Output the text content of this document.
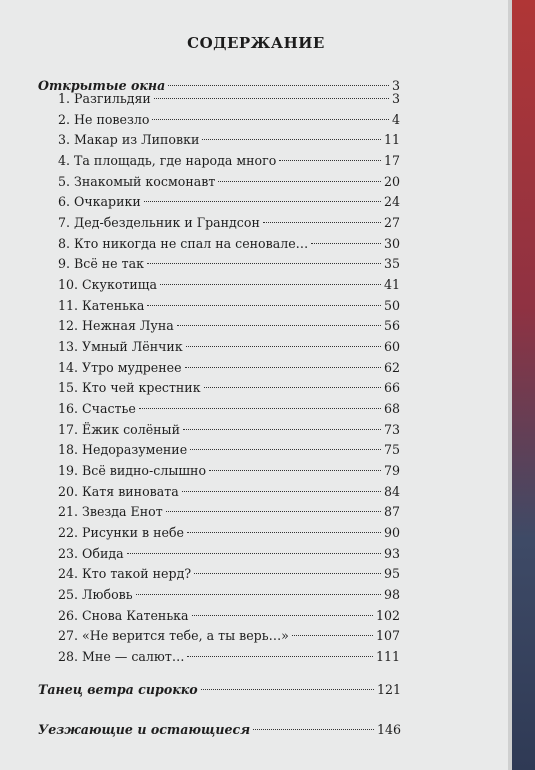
СОДЕРЖАНИЕ
Открытые окна	3
1. Разгильдяи	3
2. Не повезло	4
3. Макар из Липовки	11
4. Та площадь, где народа много	17
5. Знакомый космонавт	20
6. Очкарики	24
7. Дед-бездельник и Грандсон	27
8. Кто никогда не спал на сеновале…	30
9. Всё не так	35
10. Скукотища	41
11. Катенька	50
12. Нежная Луна	56
13. Умный Лёнчик	60
14. Утро мудренее	62
15. Кто чей крестник	66
16. Счастье	68
17. Ёжик солёный	73
18. Недоразумение	75
19. Всё видно-слышно	79
20. Катя виновата	84
21. Звезда Енот	87
22. Рисунки в небе	90
23. Обида	93
24. Кто такой нерд?	95
25. Любовь	98
26. Снова Катенька	102
27. «Не верится тебе, а ты верь…»	107
28. Мне — салют…	111
Танец ветра сирокко	121
Уезжающие и остающиеся	146
